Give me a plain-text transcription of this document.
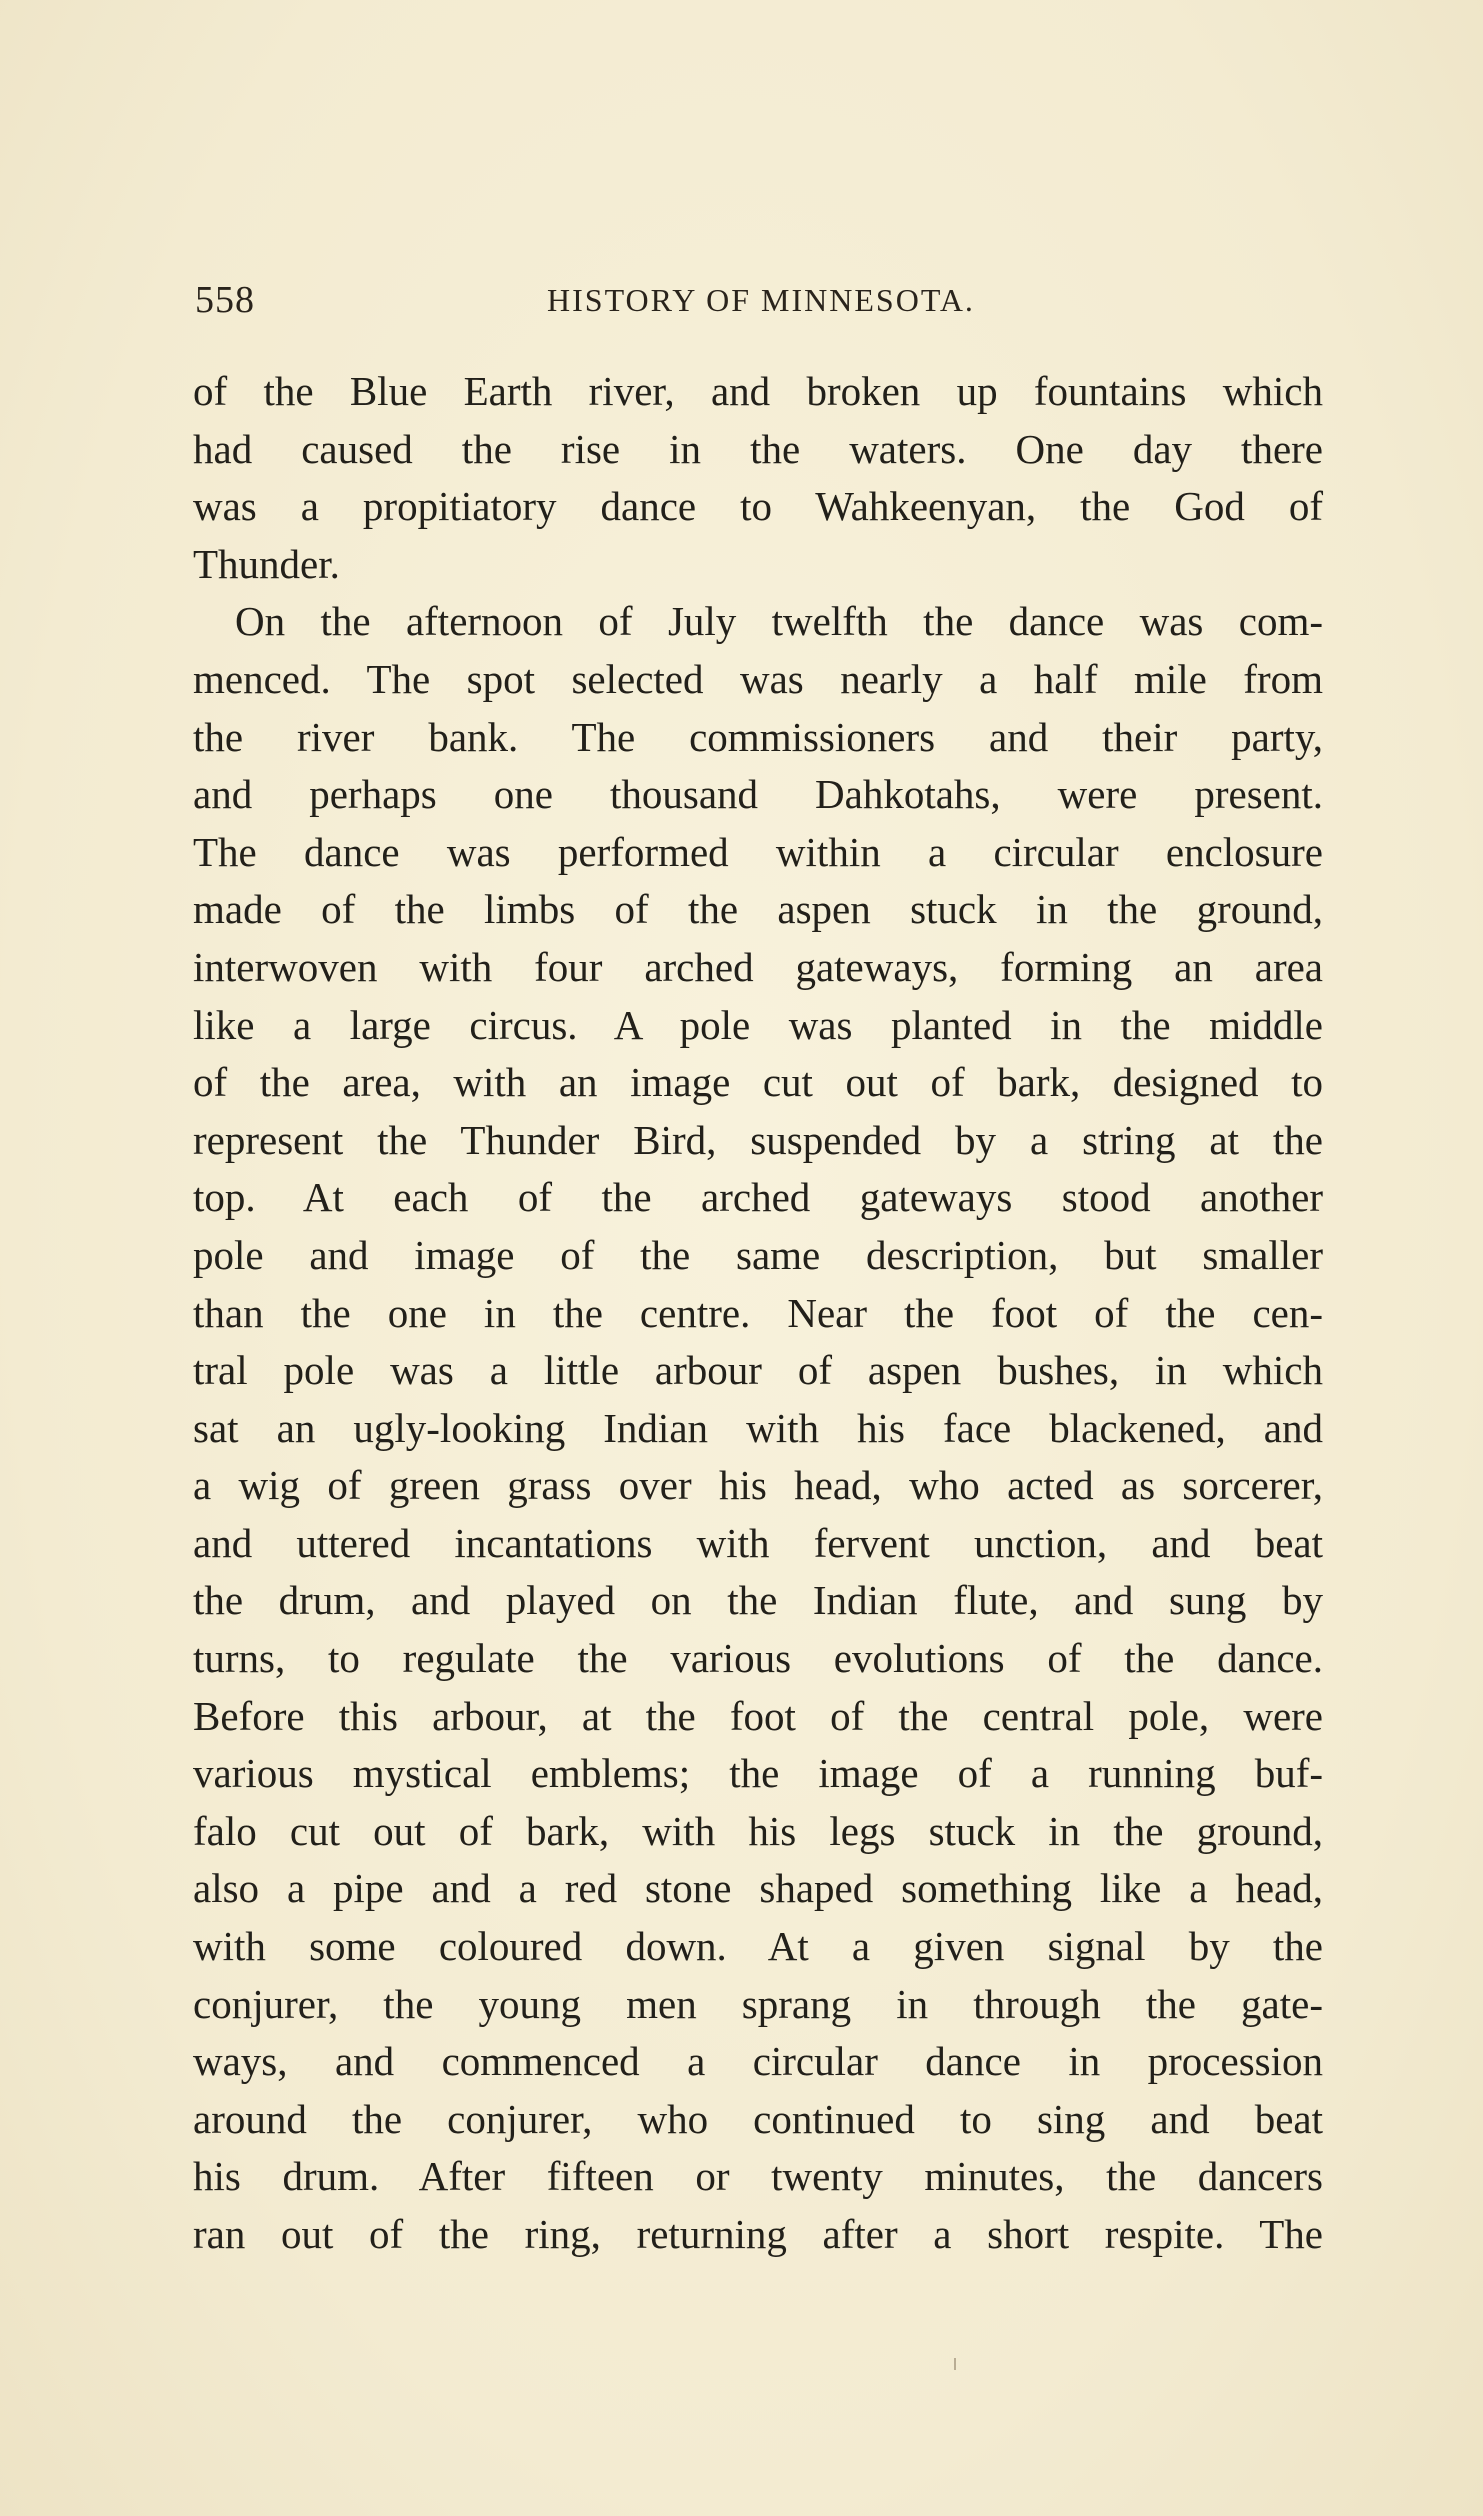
558	HISTORY OF MINNESOTA.
of the Blue Earth river, and broken up fountains which
had caused the rise in the waters. One day there
was a propitiatory dance to Wahkeenyan, the God of
Thunder.
On the afternoon of July twelfth the dance was com-
menced. The spot selected was nearly a half mile from
the river bank. The commissioners and their party,
and perhaps one thousand Dahkotahs, were present.
The dance was performed within a circular enclosure
made of the limbs of the aspen stuck in the ground,
interwoven with four arched gateways, forming an area
like a large circus. A pole was planted in the middle
of the area, with an image cut out of bark, designed to
represent the Thunder Bird, suspended by a string at the
top. At each of the arched gateways stood another
pole and image of the same description, but smaller
than the one in the centre. Near the foot of the cen-
tral pole was a little arbour of aspen bushes, in which
sat an ugly-looking Indian with his face blackened, and
a wig of green grass over his head, who acted as sorcerer,
and uttered incantations with fervent unction, and beat
the drum, and played on the Indian flute, and sung by
turns, to regulate the various evolutions of the dance.
Before this arbour, at the foot of the central pole, were
various mystical emblems; the image of a running buf-
falo cut out of bark, with his legs stuck in the ground,
also a pipe and a red stone shaped something like a head,
with some coloured down. At a given signal by the
conjurer, the young men sprang in through the gate-
ways, and commenced a circular dance in procession
around the conjurer, who continued to sing and beat
his drum. After fifteen or twenty minutes, the dancers
ran out of the ring, returning after a short respite. The
